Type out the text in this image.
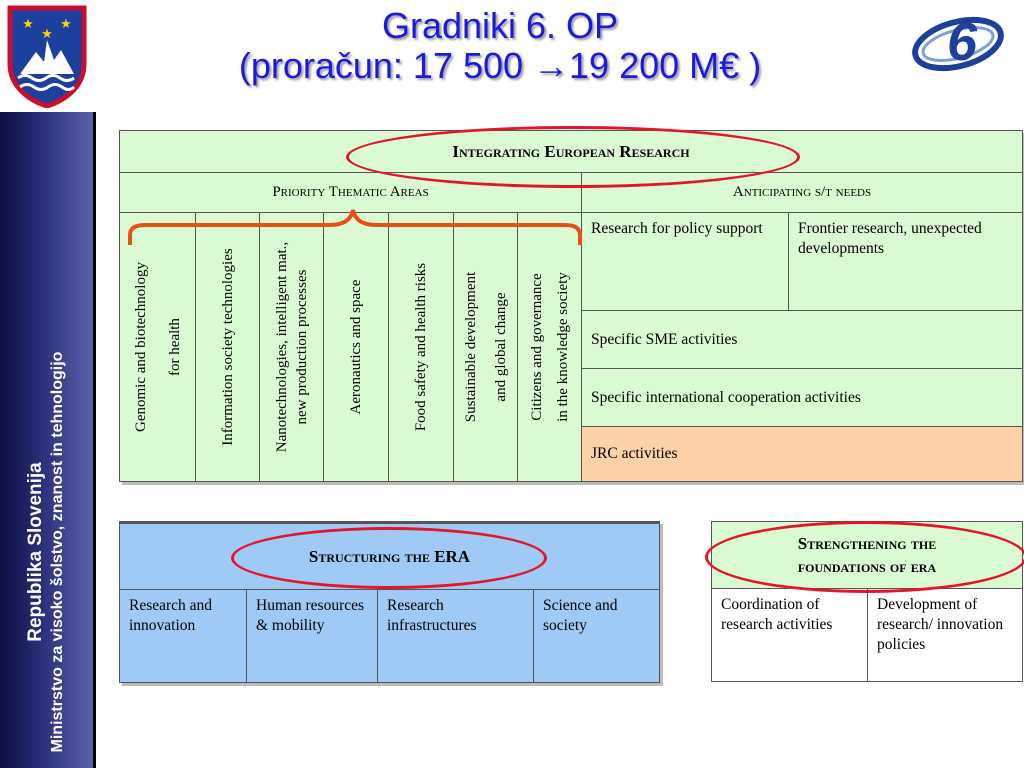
★ ★
★	6
Gradniki 6. OP
(proračun: 17 500 →19 200 M€ )
Republika Slovenija Ministrstvo za visoko šolstvo, znanost in tehnologijo
Integrating European Research								
Priority Thematic Areas							Anticipating s/t needs	

Genomic and biotechnology for health	Information society technologies	Nanotechnologies, intelligent mat., new production processes	Aeronautics and space	Food safety and health risks	Sustainable development and global change	Citizens and governance in the knowledge society	Research for policy support	Frontier research, unexpected developments
							Specific SME activities	
							Specific international cooperation activities	
							JRC activities	
Structuring the ERA
Research and innovation	Human resources & mobility	Research infrastructures	Science and society
Strengthening the
foundations of era

Coordination of research activities	Development of research/ innovation policies
